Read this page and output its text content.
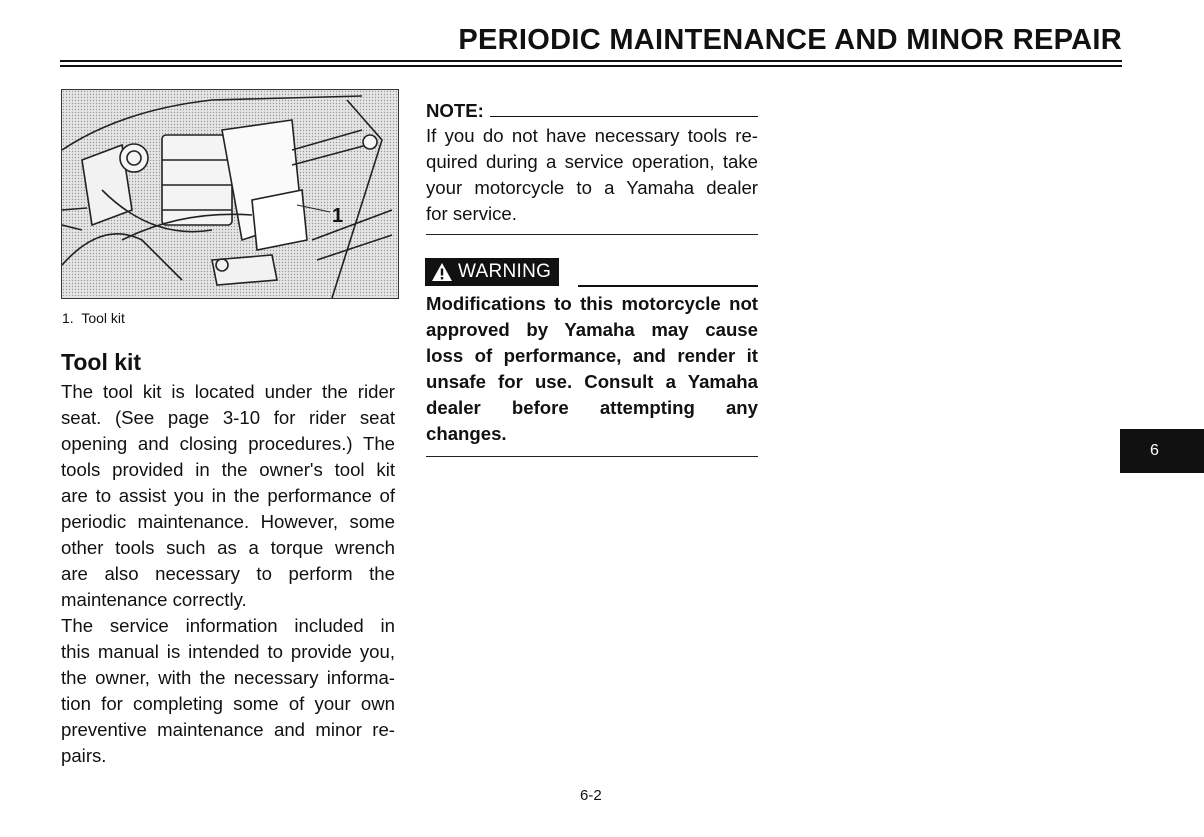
PERIODIC MAINTENANCE AND MINOR REPAIR
1
1. Tool kit
Tool kit
The tool kit is located under the rider
seat. (See page 3-10 for rider seat
opening and closing procedures.) The
tools provided in the owner's tool kit
are to assist you in the performance of
periodic maintenance. However, some
other tools such as a torque wrench
are also necessary to perform the
maintenance correctly.
The service information included in
this manual is intended to provide you,
the owner, with the necessary informa-
tion for completing some of your own
preventive maintenance and minor re-
pairs.
NOTE:
If you do not have necessary tools re-
quired during a service operation, take
your motorcycle to a Yamaha dealer
for service.
WARNING
Modifications to this motorcycle not
approved by Yamaha may cause
loss of performance, and render it
unsafe for use. Consult a Yamaha
dealer before attempting any
changes.
6-2
6
